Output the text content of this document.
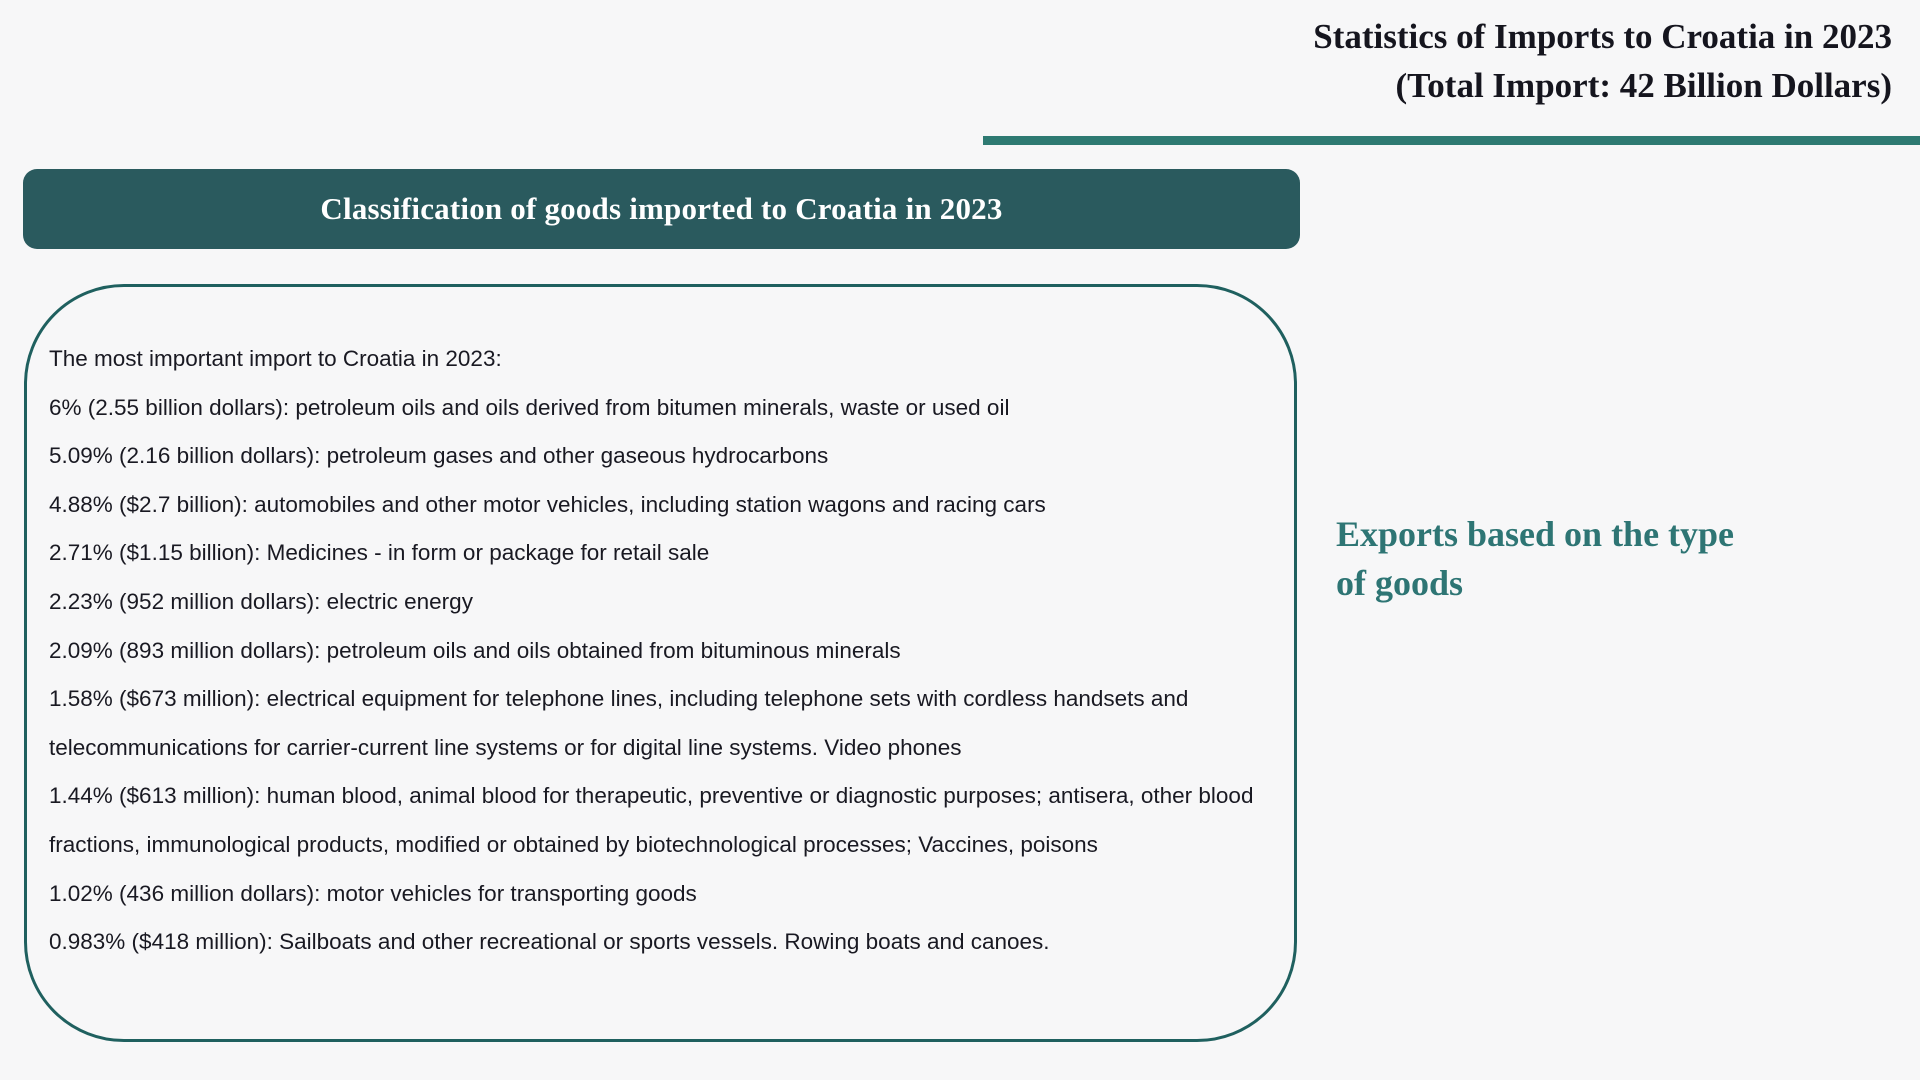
Statistics of Imports to Croatia in 2023
(Total Import: 42 Billion Dollars)
Classification of goods imported to Croatia in 2023

The most important import to Croatia in 2023:

6% (2.55 billion dollars): petroleum oils and oils derived from bitumen minerals, waste or used oil
5.09% (2.16 billion dollars): petroleum gases and other gaseous hydrocarbons
4.88% ($2.7 billion): automobiles and other motor vehicles, including station wagons and racing cars
2.71% ($1.15 billion): Medicines - in form or package for retail sale
2.23% (952 million dollars): electric energy
2.09% (893 million dollars): petroleum oils and oils obtained from bituminous minerals
1.58% ($673 million): electrical equipment for telephone lines, including telephone sets with cordless handsets and telecommunications for carrier-current line systems or for digital line systems. Video phones
1.44% ($613 million): human blood, animal blood for therapeutic, preventive or diagnostic purposes; antisera, other blood fractions, immunological products, modified or obtained by biotechnological processes; Vaccines, poisons
1.02% (436 million dollars): motor vehicles for transporting goods
0.983% ($418 million): Sailboats and other recreational or sports vessels. Rowing boats and canoes.
Exports based on the type of goods
